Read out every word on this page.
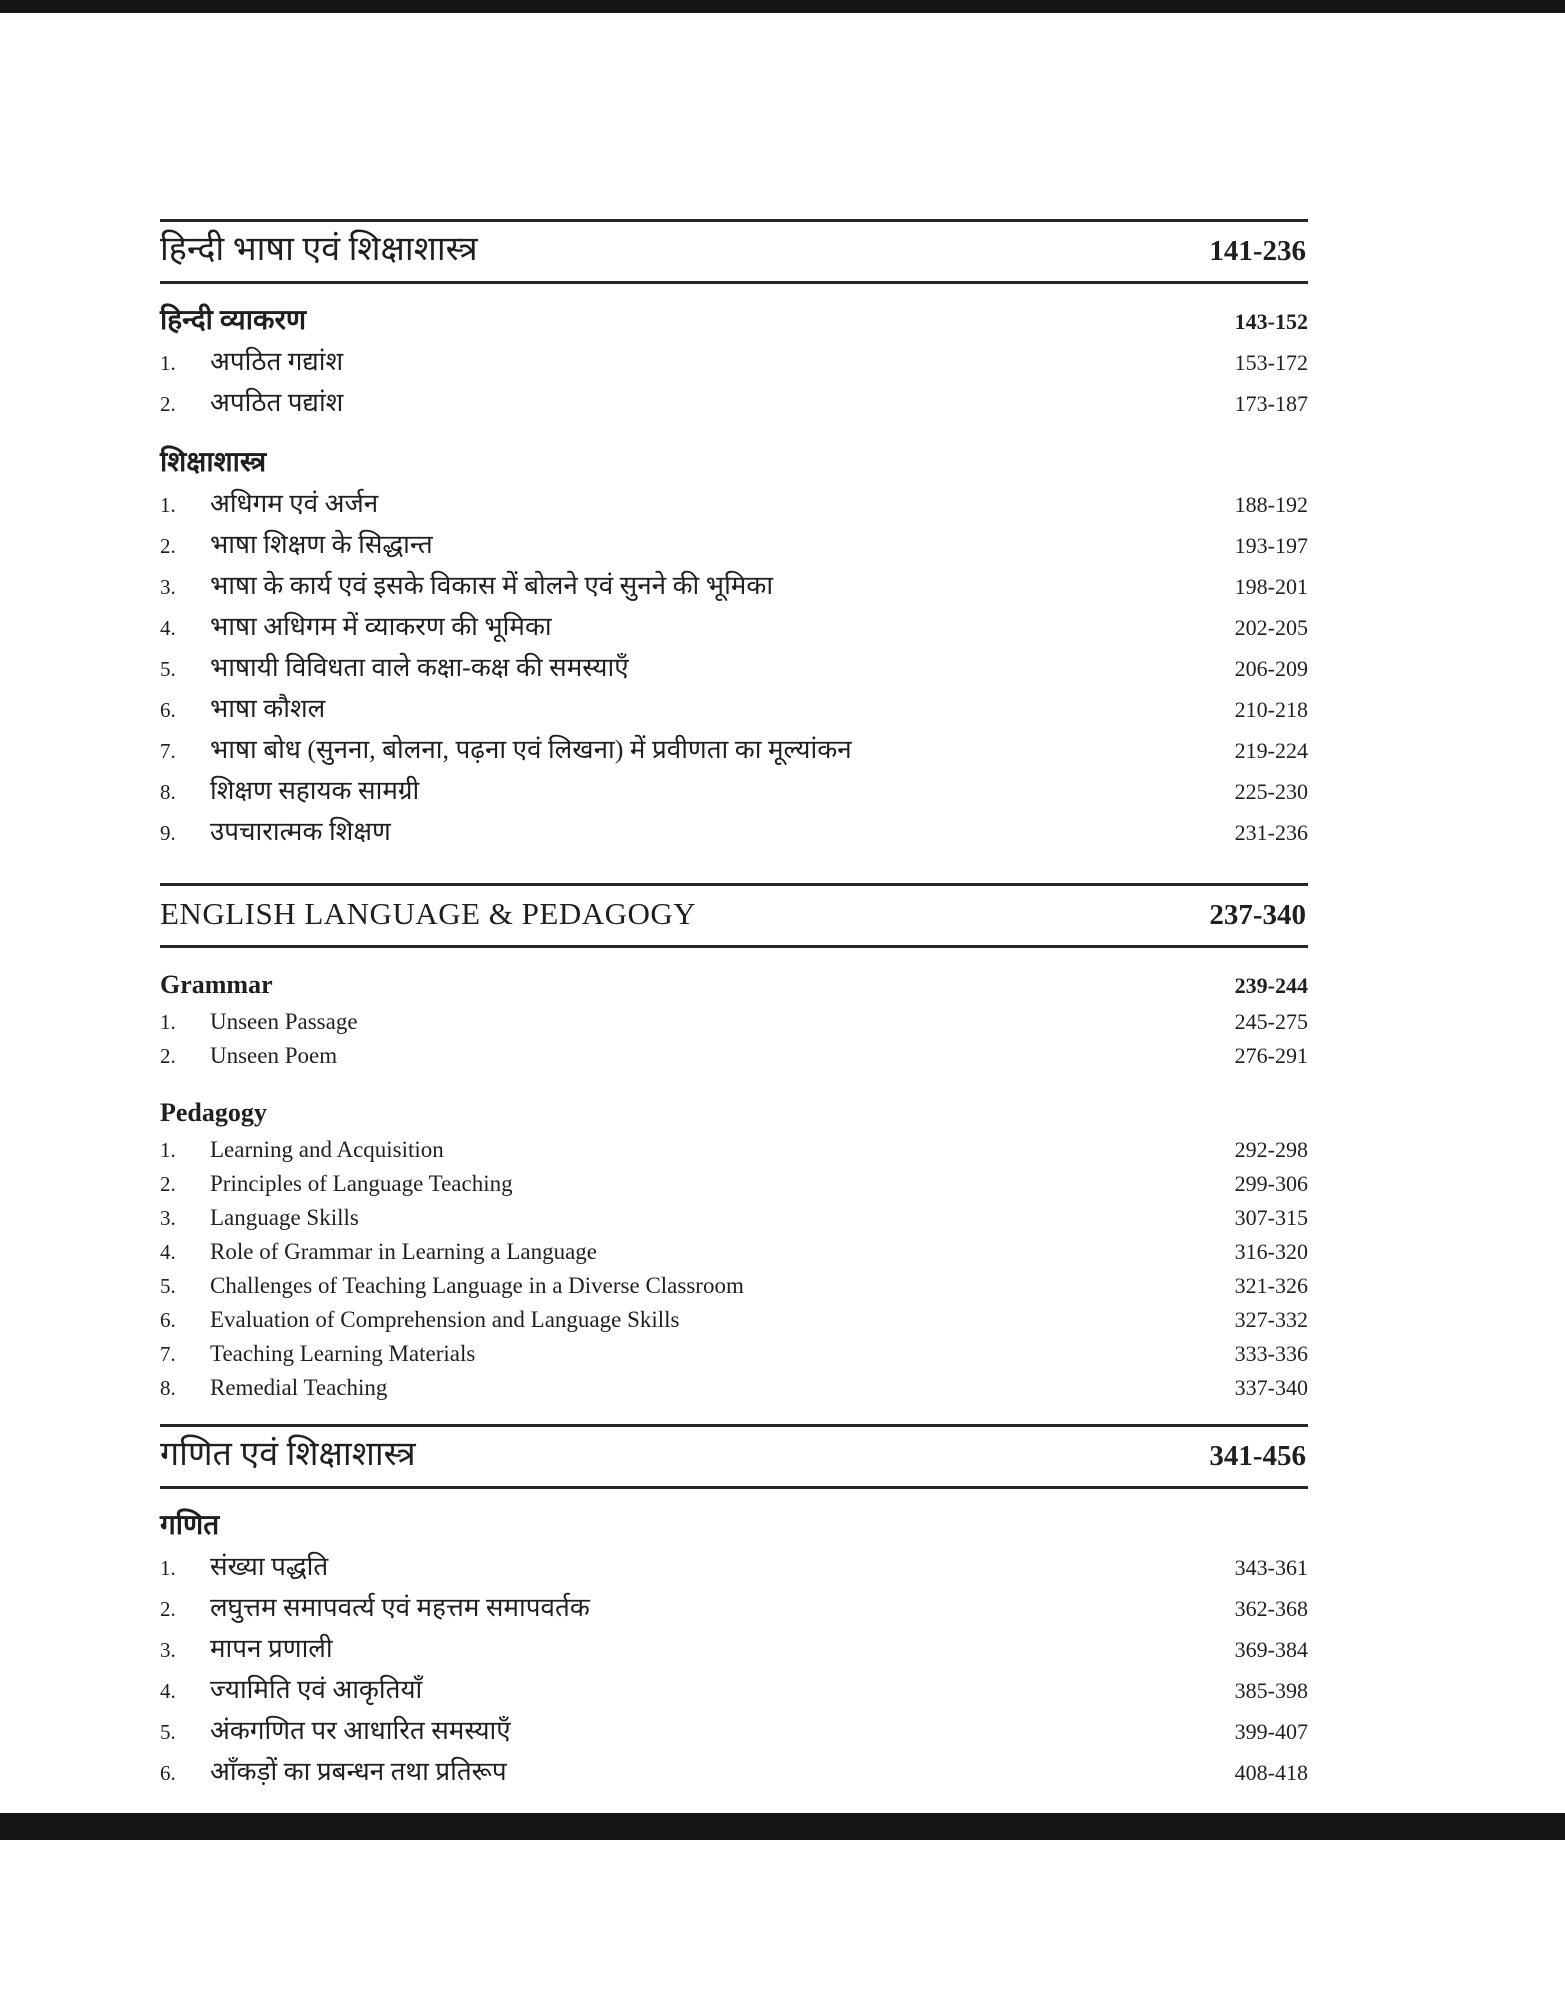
हिन्दी भाषा एवं शिक्षाशास्त्र	141-236
हिन्दी व्याकरण	143-152
1.	अपठित गद्यांश	153-172
2.	अपठित पद्यांश	173-187
शिक्षाशास्त्र
1.	अधिगम एवं अर्जन	188-192
2.	भाषा शिक्षण के सिद्धान्त	193-197
3.	भाषा के कार्य एवं इसके विकास में बोलने एवं सुनने की भूमिका	198-201
4.	भाषा अधिगम में व्याकरण की भूमिका	202-205
5.	भाषायी विविधता वाले कक्षा-कक्ष की समस्याएँ	206-209
6.	भाषा कौशल	210-218
7.	भाषा बोध (सुनना, बोलना, पढ़ना एवं लिखना) में प्रवीणता का मूल्यांकन	219-224
8.	शिक्षण सहायक सामग्री	225-230
9.	उपचारात्मक शिक्षण	231-236
ENGLISH LANGUAGE & PEDAGOGY	237-340
Grammar	239-244
1.	Unseen Passage	245-275
2.	Unseen Poem	276-291
Pedagogy
1.	Learning and Acquisition	292-298
2.	Principles of Language Teaching	299-306
3.	Language Skills	307-315
4.	Role of Grammar in Learning a Language	316-320
5.	Challenges of Teaching Language in a Diverse Classroom	321-326
6.	Evaluation of Comprehension and Language Skills	327-332
7.	Teaching Learning Materials	333-336
8.	Remedial Teaching	337-340
गणित एवं शिक्षाशास्त्र	341-456
गणित
1.	संख्या पद्धति	343-361
2.	लघुत्तम समापवर्त्य एवं महत्तम समापवर्तक	362-368
3.	मापन प्रणाली	369-384
4.	ज्यामिति एवं आकृतियाँ	385-398
5.	अंकगणित पर आधारित समस्याएँ	399-407
6.	आँकड़ों का प्रबन्धन तथा प्रतिरूप	408-418
